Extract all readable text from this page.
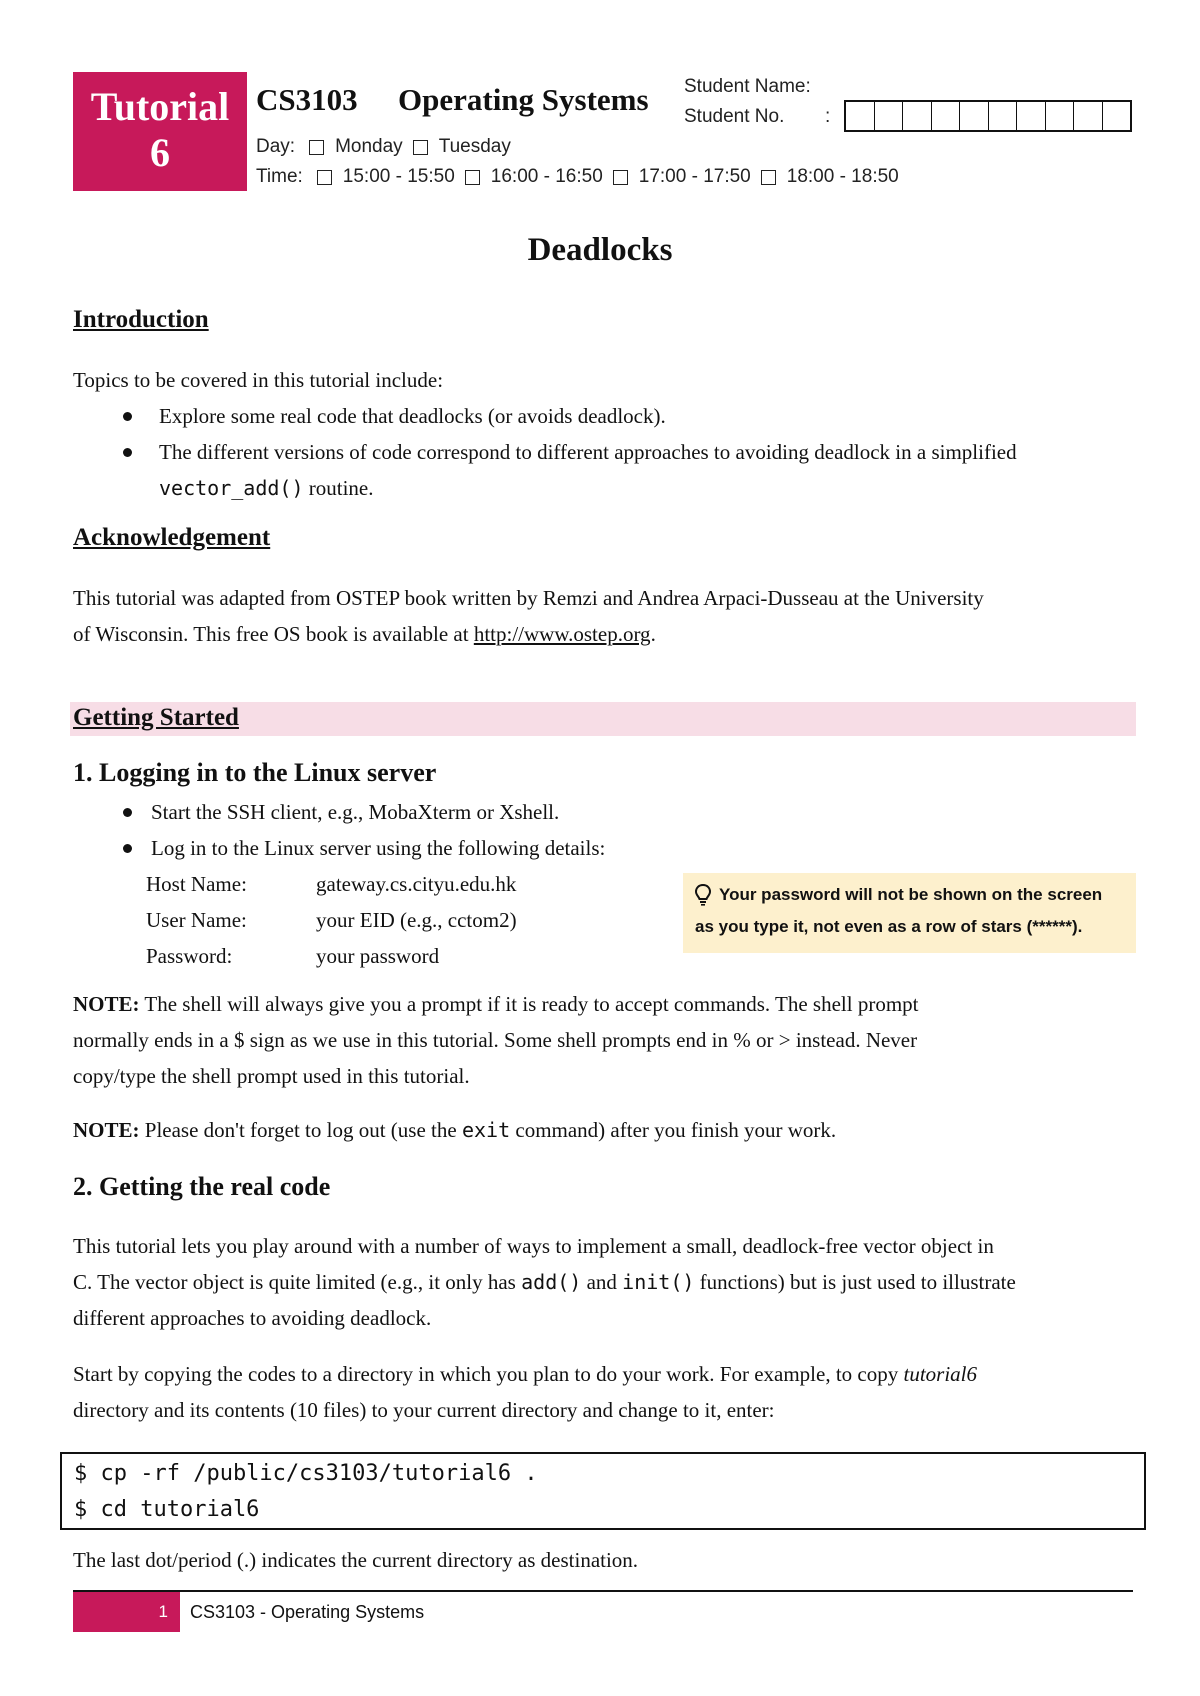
Tutorial
6
CS3103 Operating Systems Student Name:
Student No. :
Day: Monday Tuesday
Time: 15:00 - 15:50 16:00 - 16:50 17:00 - 17:50 18:00 - 18:50
Deadlocks
Introduction
Topics to be covered in this tutorial include:
Explore some real code that deadlocks (or avoids deadlock).
The different versions of code correspond to different approaches to avoiding deadlock in a simplified
vector_add() routine.
Acknowledgement
This tutorial was adapted from OSTEP book written by Remzi and Andrea Arpaci-Dusseau at the University
of Wisconsin. This free OS book is available at http://www.ostep.org.
Getting Started
1. Logging in to the Linux server
Start the SSH client, e.g., MobaXterm or Xshell.
Log in to the Linux server using the following details:
Host Name:	gateway.cs.cityu.edu.hk
User Name:	your EID (e.g., cctom2)
Password:	your password
Your password will not be shown on the screen
as you type it, not even as a row of stars (******).
NOTE: The shell will always give you a prompt if it is ready to accept commands. The shell prompt
normally ends in a $ sign as we use in this tutorial. Some shell prompts end in % or > instead. Never
copy/type the shell prompt used in this tutorial.
NOTE: Please don't forget to log out (use the exit command) after you finish your work.
2. Getting the real code
This tutorial lets you play around with a number of ways to implement a small, deadlock-free vector object in
C. The vector object is quite limited (e.g., it only has add() and init() functions) but is just used to illustrate
different approaches to avoiding deadlock.
Start by copying the codes to a directory in which you plan to do your work. For example, to copy tutorial6
directory and its contents (10 files) to your current directory and change to it, enter:
$ cp -rf /public/cs3103/tutorial6 .
$ cd tutorial6
The last dot/period (.) indicates the current directory as destination.
1	CS3103 - Operating Systems
